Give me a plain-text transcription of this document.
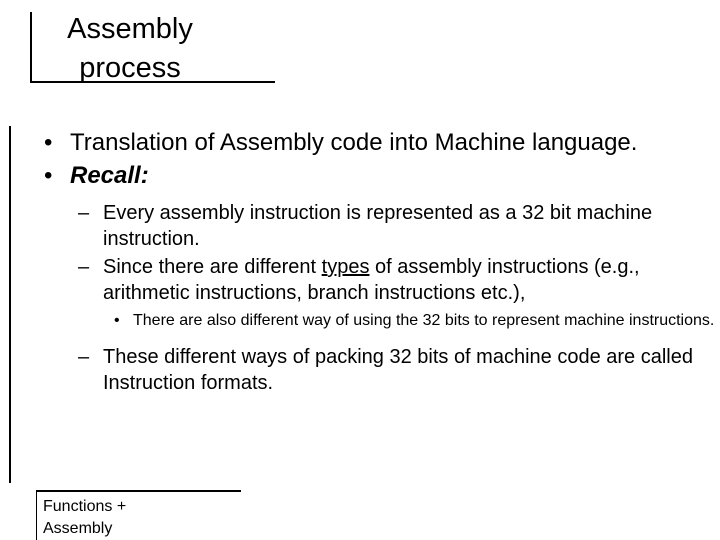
Assembly
process
• Translation of Assembly code into Machine language.
• Recall:
– Every assembly instruction is represented as a 32 bit machine instruction.
– Since there are different types of assembly instructions (e.g., arithmetic instructions, branch instructions etc.),
• There are also different way of using the 32 bits to represent machine instructions.
– These different ways of packing 32 bits of machine code are called Instruction formats.
Functions +
Assembly
